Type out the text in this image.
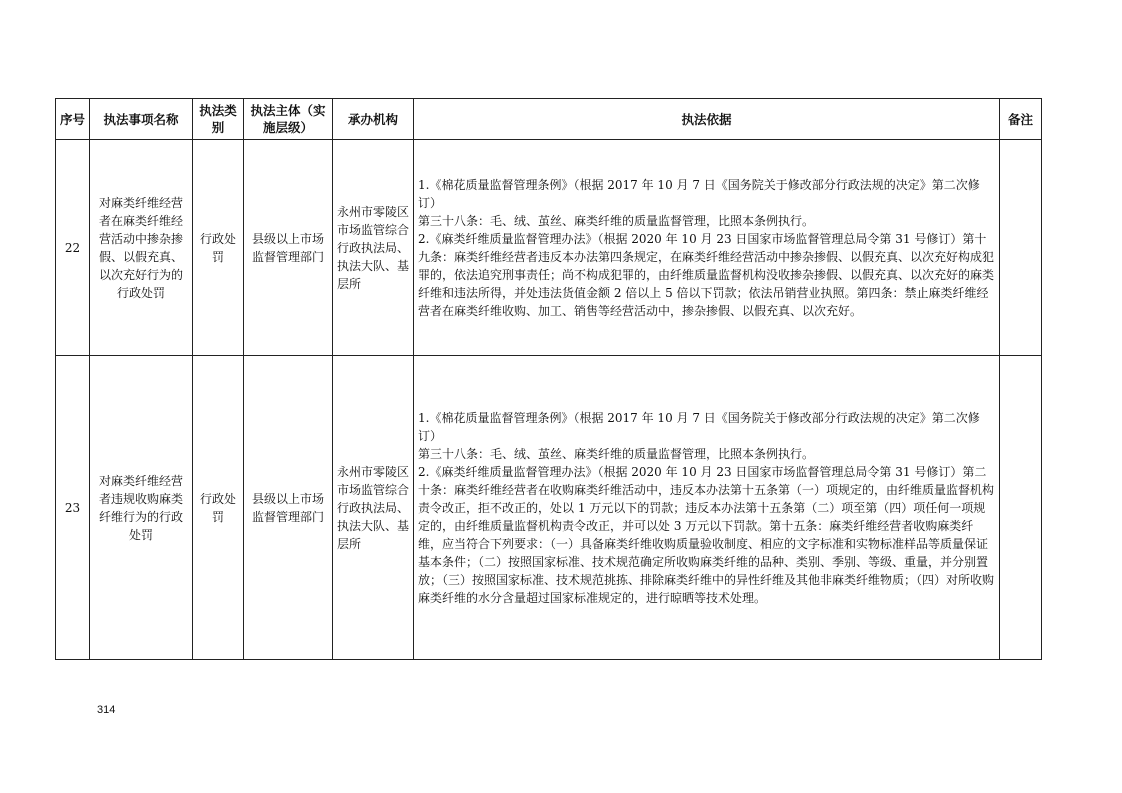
序号	执法事项名称	执法类别	执法主体（实施层级）	承办机构	执法依据	备注
22	对麻类纤维经营者在麻类纤维经营活动中掺杂掺假、以假充真、以次充好行为的行政处罚	行政处罚	县级以上市场监督管理部门	永州市零陵区市场监管综合行政执法局、执法大队、基层所	1.《棉花质量监督管理条例》（根据 2017 年 10 月 7 日《国务院关于修改部分行政法规的决定》第二次修订）
第三十八条：毛、绒、茧丝、麻类纤维的质量监督管理，比照本条例执行。
2.《麻类纤维质量监督管理办法》（根据 2020 年 10 月 23 日国家市场监督管理总局令第 31 号修订）第十九条：麻类纤维经营者违反本办法第四条规定，在麻类纤维经营活动中掺杂掺假、以假充真、以次充好构成犯罪的，依法追究刑事责任；尚不构成犯罪的，由纤维质量监督机构没收掺杂掺假、以假充真、以次充好的麻类纤维和违法所得，并处违法货值金额 2 倍以上 5 倍以下罚款；依法吊销营业执照。第四条：禁止麻类纤维经营者在麻类纤维收购、加工、销售等经营活动中，掺杂掺假、以假充真、以次充好。	

23	对麻类纤维经营者违规收购麻类纤维行为的行政处罚	行政处罚	县级以上市场监督管理部门	永州市零陵区市场监管综合行政执法局、执法大队、基层所	1.《棉花质量监督管理条例》（根据 2017 年 10 月 7 日《国务院关于修改部分行政法规的决定》第二次修订）
第三十八条：毛、绒、茧丝、麻类纤维的质量监督管理，比照本条例执行。
2.《麻类纤维质量监督管理办法》（根据 2020 年 10 月 23 日国家市场监督管理总局令第 31 号修订）第二十条：麻类纤维经营者在收购麻类纤维活动中，违反本办法第十五条第（一）项规定的，由纤维质量监督机构责令改正，拒不改正的，处以 1 万元以下的罚款；违反本办法第十五条第（二）项至第（四）项任何一项规定的，由纤维质量监督机构责令改正，并可以处 3 万元以下罚款。第十五条：麻类纤维经营者收购麻类纤维，应当符合下列要求：（一）具备麻类纤维收购质量验收制度、相应的文字标准和实物标准样品等质量保证基本条件；（二）按照国家标准、技术规范确定所收购麻类纤维的品种、类别、季别、等级、重量，并分别置放；（三）按照国家标准、技术规范挑拣、排除麻类纤维中的异性纤维及其他非麻类纤维物质；（四）对所收购麻类纤维的水分含量超过国家标准规定的，进行晾晒等技术处理。	

314
